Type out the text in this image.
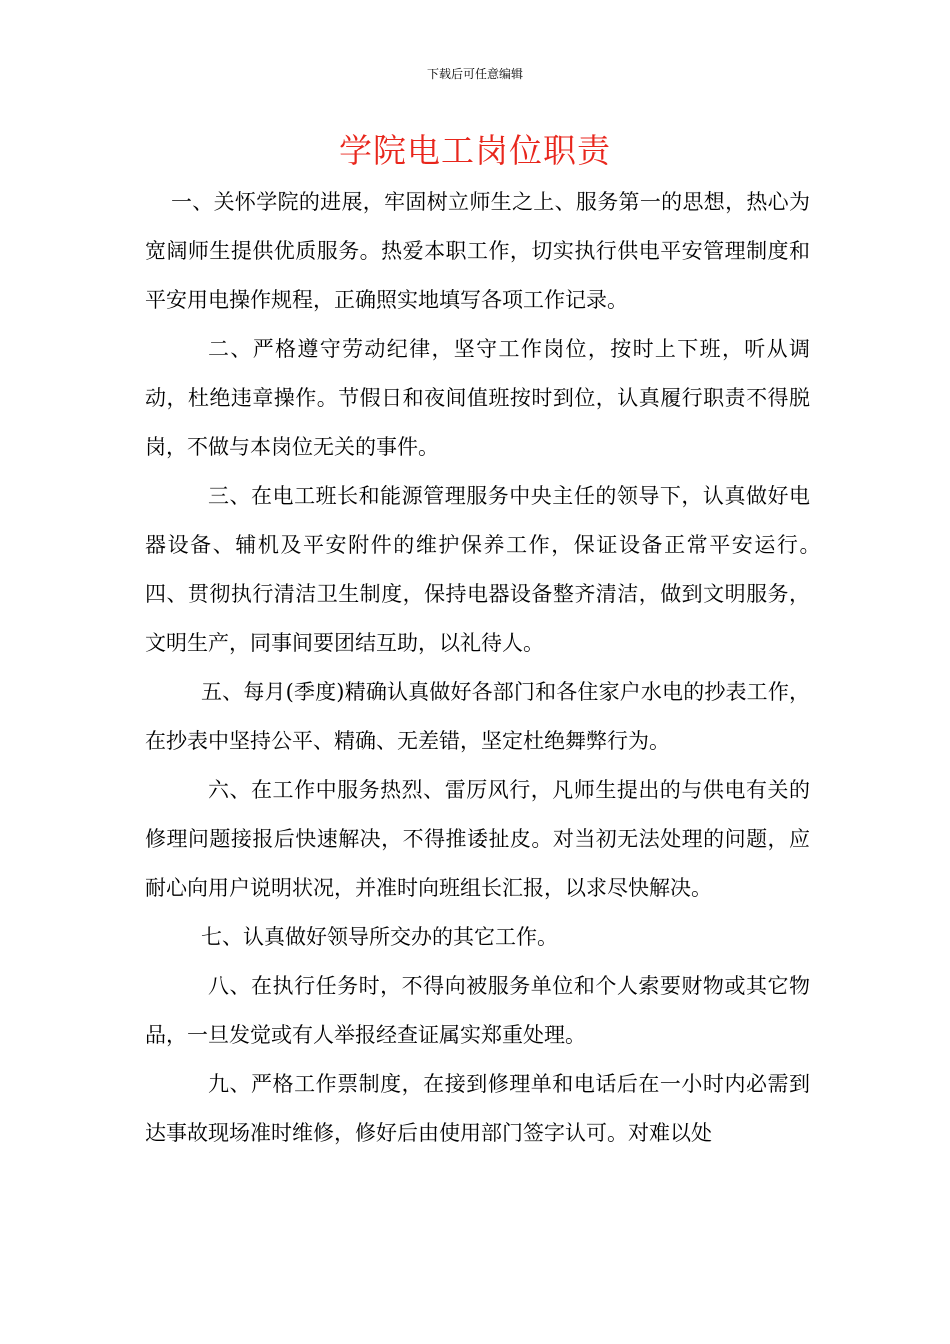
下载后可任意编辑
学院电工岗位职责

一、关怀学院的进展，牢固树立师生之上、服务第一的思想，热心为宽阔师生提供优质服务。热爱本职工作，切实执行供电平安管理制度和平安用电操作规程，正确照实地填写各项工作记录。

二、严格遵守劳动纪律，坚守工作岗位，按时上下班，听从调动，杜绝违章操作。节假日和夜间值班按时到位，认真履行职责不得脱岗，不做与本岗位无关的事件。

三、在电工班长和能源管理服务中央主任的领导下，认真做好电器设备、辅机及平安附件的维护保养工作，保证设备正常平安运行。　　　四、贯彻执行清洁卫生制度，保持电器设备整齐清洁，做到文明服务，文明生产，同事间要团结互助，以礼待人。

五、每月(季度)精确认真做好各部门和各住家户水电的抄表工作，在抄表中坚持公平、精确、无差错，坚定杜绝舞弊行为。

六、在工作中服务热烈、雷厉风行，凡师生提出的与供电有关的修理问题接报后快速解决，不得推诿扯皮。对当初无法处理的问题，应耐心向用户说明状况，并准时向班组长汇报，以求尽快解决。

七、认真做好领导所交办的其它工作。

八、在执行任务时，不得向被服务单位和个人索要财物或其它物品，一旦发觉或有人举报经查证属实郑重处理。

九、严格工作票制度，在接到修理单和电话后在一小时内必需到达事故现场准时维修，修好后由使用部门签字认可。对难以处
